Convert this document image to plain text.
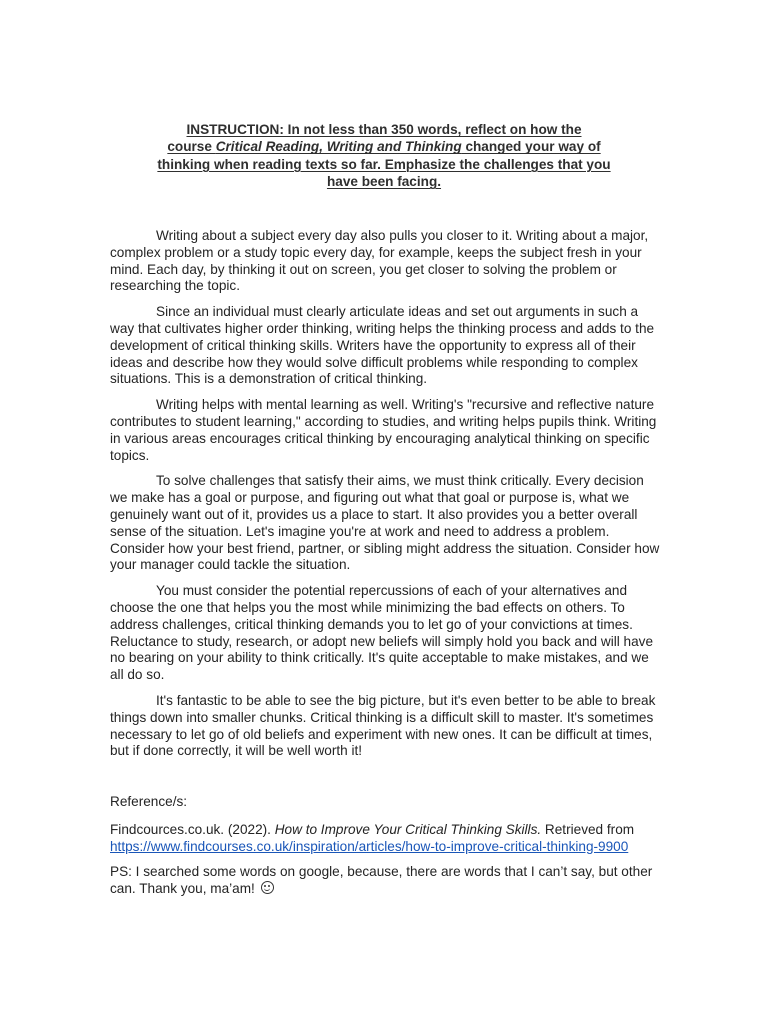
INSTRUCTION: In not less than 350 words, reflect on how the
course Critical Reading, Writing and Thinking changed your way of
thinking when reading texts so far. Emphasize the challenges that you
have been facing.

Writing about a subject every day also pulls you closer to it. Writing about a major, complex problem or a study topic every day, for example, keeps the subject fresh in your mind. Each day, by thinking it out on screen, you get closer to solving the problem or researching the topic.

Since an individual must clearly articulate ideas and set out arguments in such a way that cultivates higher order thinking, writing helps the thinking process and adds to the development of critical thinking skills. Writers have the opportunity to express all of their ideas and describe how they would solve difficult problems while responding to complex situations. This is a demonstration of critical thinking.

Writing helps with mental learning as well. Writing's "recursive and reflective nature contributes to student learning," according to studies, and writing helps pupils think. Writing in various areas encourages critical thinking by encouraging analytical thinking on specific topics.

To solve challenges that satisfy their aims, we must think critically. Every decision we make has a goal or purpose, and figuring out what that goal or purpose is, what we genuinely want out of it, provides us a place to start. It also provides you a better overall sense of the situation. Let's imagine you're at work and need to address a problem. Consider how your best friend, partner, or sibling might address the situation. Consider how your manager could tackle the situation.

You must consider the potential repercussions of each of your alternatives and choose the one that helps you the most while minimizing the bad effects on others. To address challenges, critical thinking demands you to let go of your convictions at times. Reluctance to study, research, or adopt new beliefs will simply hold you back and will have no bearing on your ability to think critically. It's quite acceptable to make mistakes, and we all do so.

It's fantastic to be able to see the big picture, but it's even better to be able to break things down into smaller chunks. Critical thinking is a difficult skill to master. It's sometimes necessary to let go of old beliefs and experiment with new ones. It can be difficult at times, but if done correctly, it will be well worth it!

Reference/s:

Findcources.co.uk. (2022). How to Improve Your Critical Thinking Skills. Retrieved from
https://www.findcourses.co.uk/inspiration/articles/how-to-improve-critical-thinking-9900

PS: I searched some words on google, because, there are words that I can’t say, but other can. Thank you, ma’am!
